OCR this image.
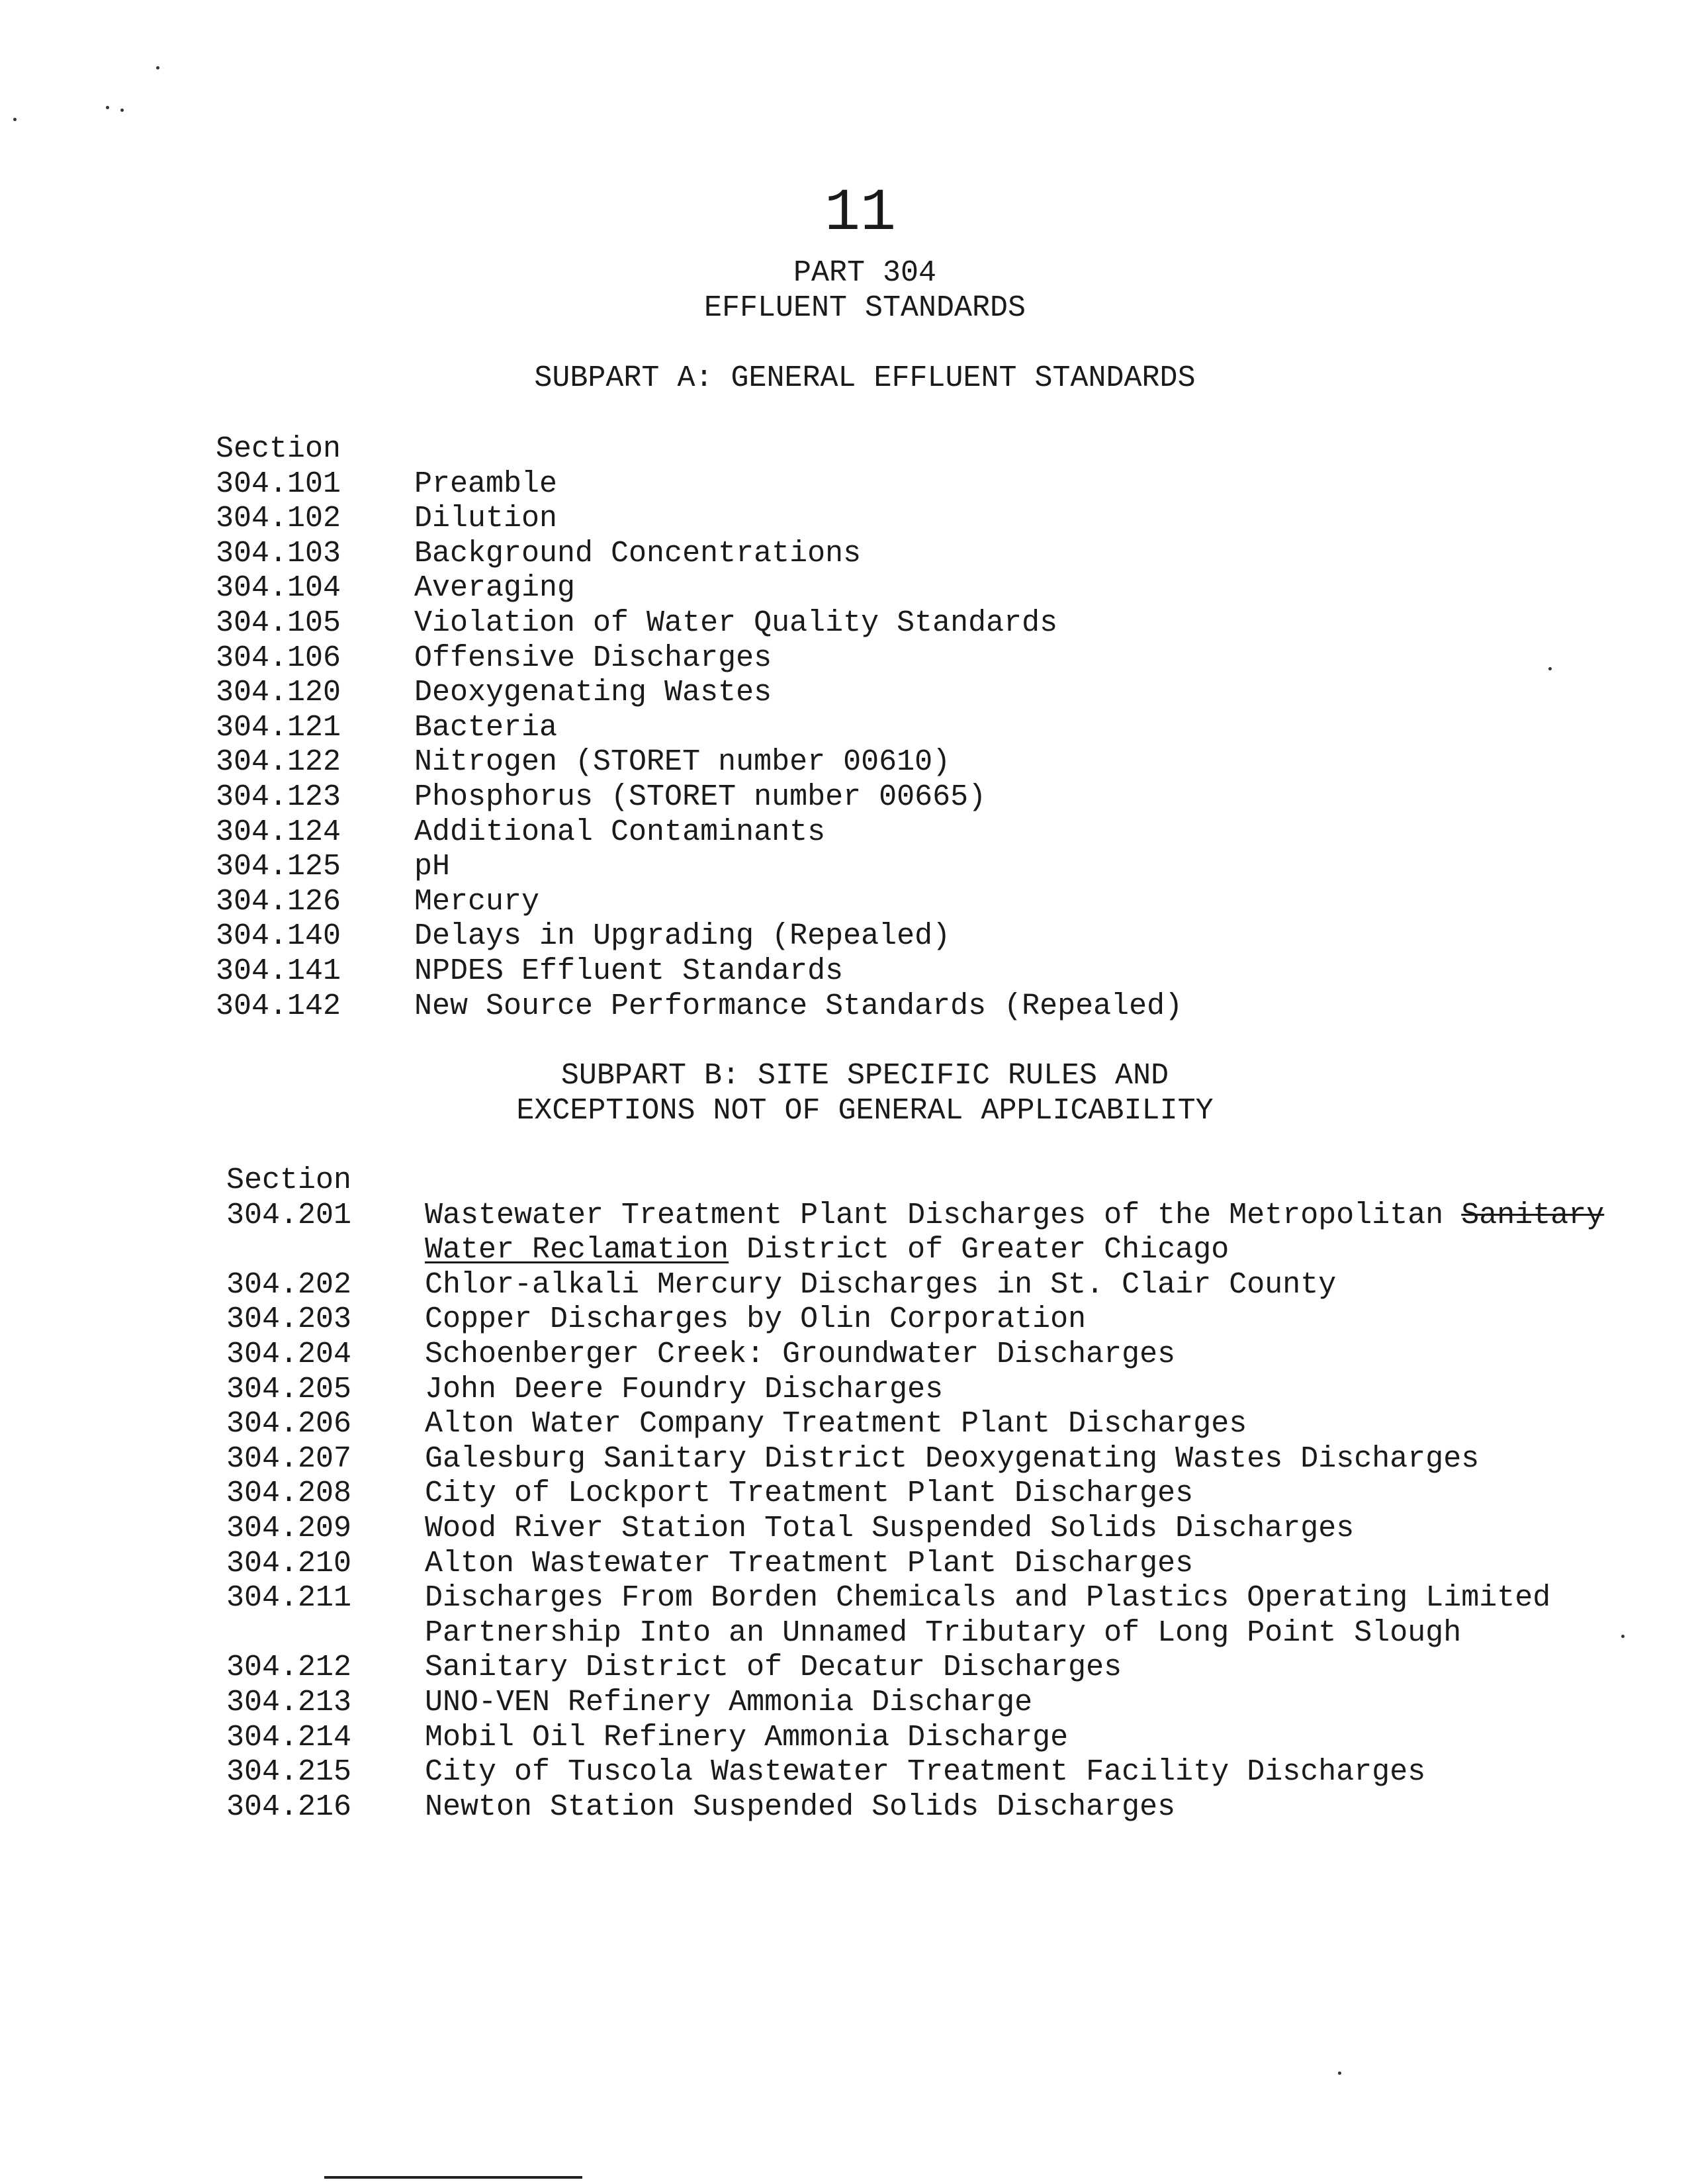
11
PART 304
EFFLUENT STANDARDS
SUBPART A: GENERAL EFFLUENT STANDARDS
Section
304.101	Preamble
304.102	Dilution
304.103	Background Concentrations
304.104	Averaging
304.105	Violation of Water Quality Standards
304.106	Offensive Discharges
304.120	Deoxygenating Wastes
304.121	Bacteria
304.122	Nitrogen (STORET number 00610)
304.123	Phosphorus (STORET number 00665)
304.124	Additional Contaminants
304.125	pH
304.126	Mercury
304.140	Delays in Upgrading (Repealed)
304.141	NPDES Effluent Standards
304.142	New Source Performance Standards (Repealed)
SUBPART B: SITE SPECIFIC RULES AND
EXCEPTIONS NOT OF GENERAL APPLICABILITY
Section
304.201	Wastewater Treatment Plant Discharges of the Metropolitan Sanitary Water Reclamation District of Greater Chicago
304.202	Chlor-alkali Mercury Discharges in St. Clair County
304.203	Copper Discharges by Olin Corporation
304.204	Schoenberger Creek: Groundwater Discharges
304.205	John Deere Foundry Discharges
304.206	Alton Water Company Treatment Plant Discharges
304.207	Galesburg Sanitary District Deoxygenating Wastes Discharges
304.208	City of Lockport Treatment Plant Discharges
304.209	Wood River Station Total Suspended Solids Discharges
304.210	Alton Wastewater Treatment Plant Discharges
304.211	Discharges From Borden Chemicals and Plastics Operating Limited Partnership Into an Unnamed Tributary of Long Point Slough
304.212	Sanitary District of Decatur Discharges
304.213	UNO-VEN Refinery Ammonia Discharge
304.214	Mobil Oil Refinery Ammonia Discharge
304.215	City of Tuscola Wastewater Treatment Facility Discharges
304.216	Newton Station Suspended Solids Discharges
